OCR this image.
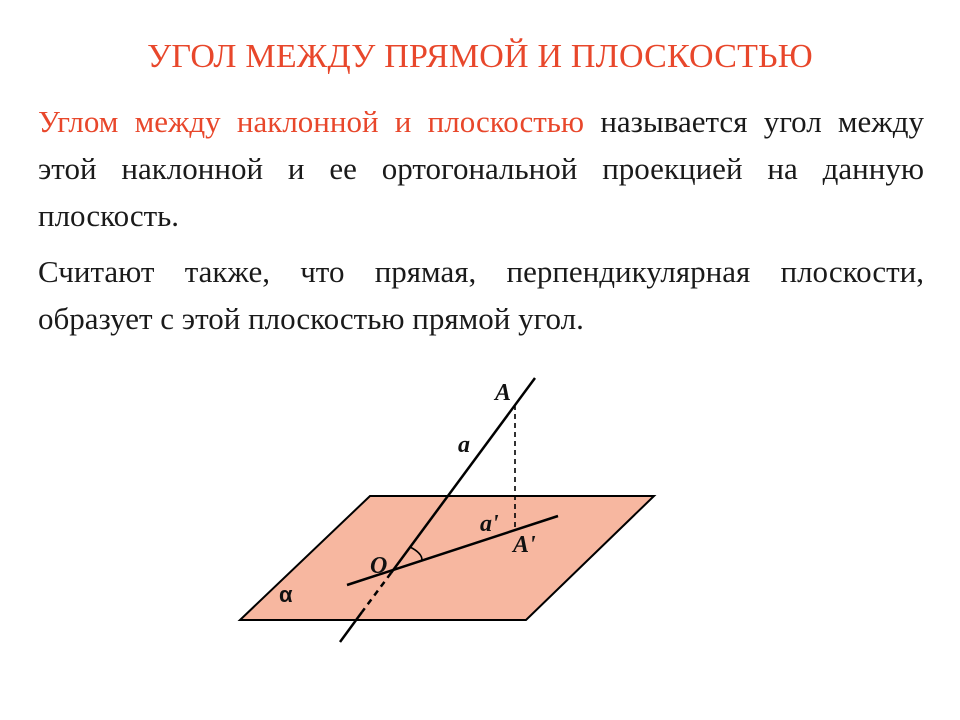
УГОЛ МЕЖДУ ПРЯМОЙ И ПЛОСКОСТЬЮ
Углом между наклонной и плоскостью называется угол между этой наклонной и ее ортогональной проекцией на данную плоскость.
Считают также, что прямая, перпендикулярная плоскости, образует с этой плоскостью прямой угол.
A
a
a'
A'
O
α
